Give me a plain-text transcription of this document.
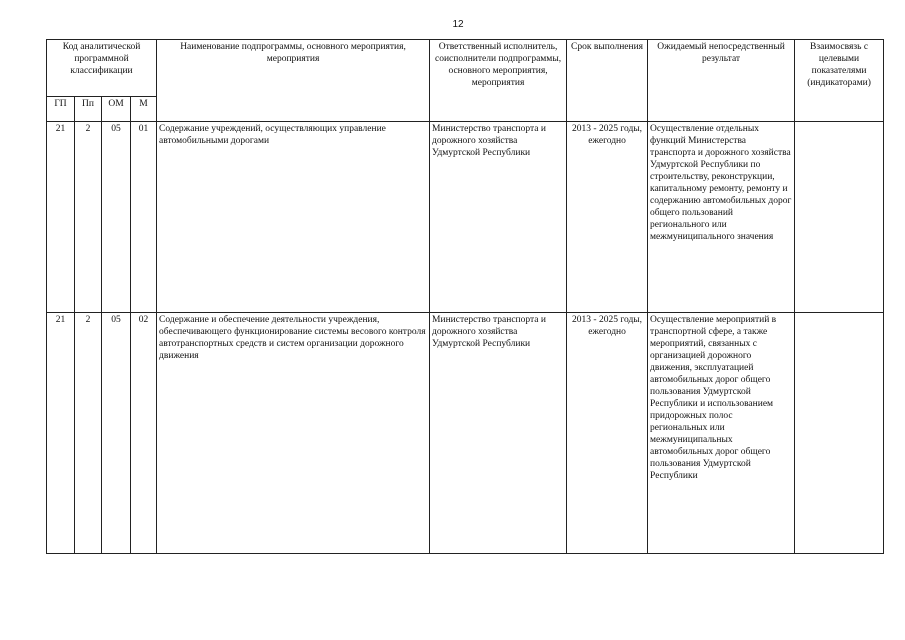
12
Код аналитической программной классификации				Наименование подпрограммы, основного мероприятия, мероприятия	Ответственный исполнитель, соисполнители подпрограммы, основного мероприятия, мероприятия	Срок выполнения	Ожидаемый непосредственный результат	Взаимосвязь с целевыми показателями (индикаторами)
ГП	Пп	ОМ	М					
21	2	05	01	Содержание учреждений, осуществляющих управление автомобильными дорогами	Министерство транспорта и дорожного хозяйства Удмуртской Республики	2013 - 2025 годы, ежегодно	Осуществление отдельных функций Министерства транспорта и дорожного хозяйства Удмуртской Республики по строительству, реконструкции, капитальному ремонту, ремонту и содержанию автомобильных дорог общего пользований регионального или межмуниципального значения	
21	2	05	02	Содержание и обеспечение деятельности учреждения, обеспечивающего функционирование системы весового контроля автотранспортных средств и систем организации дорожного движения	Министерство транспорта и дорожного хозяйства Удмуртской Республики	2013 - 2025 годы, ежегодно	Осуществление мероприятий в транспортной сфере, а также мероприятий, связанных с организацией дорожного движения, эксплуатацией автомобильных дорог общего пользования Удмуртской Республики и использованием придорожных полос региональных или межмуниципальных автомобильных дорог общего пользования Удмуртской Республики	
